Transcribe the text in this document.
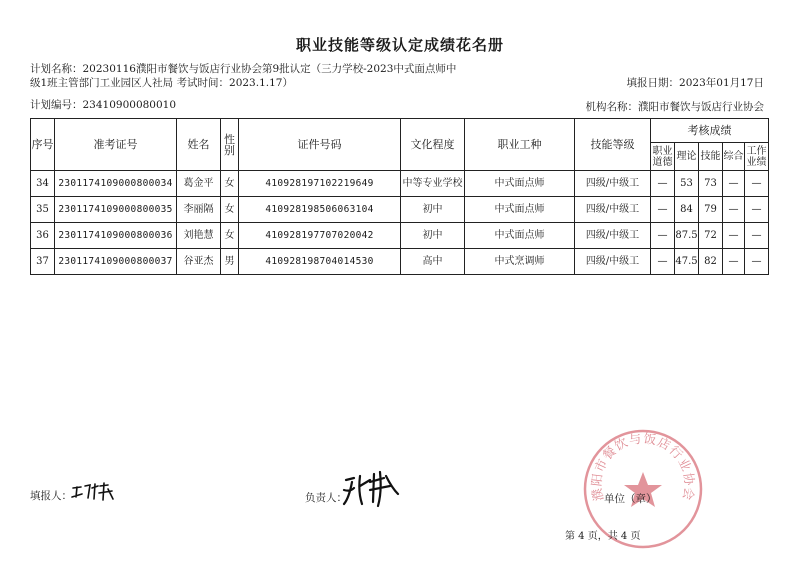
职业技能等级认定成绩花名册
计划名称：20230116濮阳市餐饮与饭店行业协会第9批认定（三力学校-2023中式面点师中级1班主管部门工业园区人社局 考试时间：2023.1.17）	填报日期：2023年01月17日
计划编号：23410900080010	机构名称：濮阳市餐饮与饭店行业协会
序号	准考证号	姓名	性别	证件号码	文化程度	职业工种	技能等级	考核成绩				
								职业道德	理论	技能	综合	工作业绩
34	2301174109000800034	葛金平	女	410928197102219649	中等专业学校	中式面点师	四级/中级工	—	53	73	—	—
35	2301174109000800035	李丽隔	女	410928198506063104	初中	中式面点师	四级/中级工	—	84	79	—	—
36	2301174109000800036	刘艳慧	女	410928197707020042	初中	中式面点师	四级/中级工	—	87.5	72	—	—
37	2301174109000800037	谷亚杰	男	410928198704014530	高中	中式烹调师	四级/中级工	—	47.5	82	—	—
濮阳市餐饮与饭店行业协会
填报人：	负责人：	单位（章）
第 4 页，共 4 页
